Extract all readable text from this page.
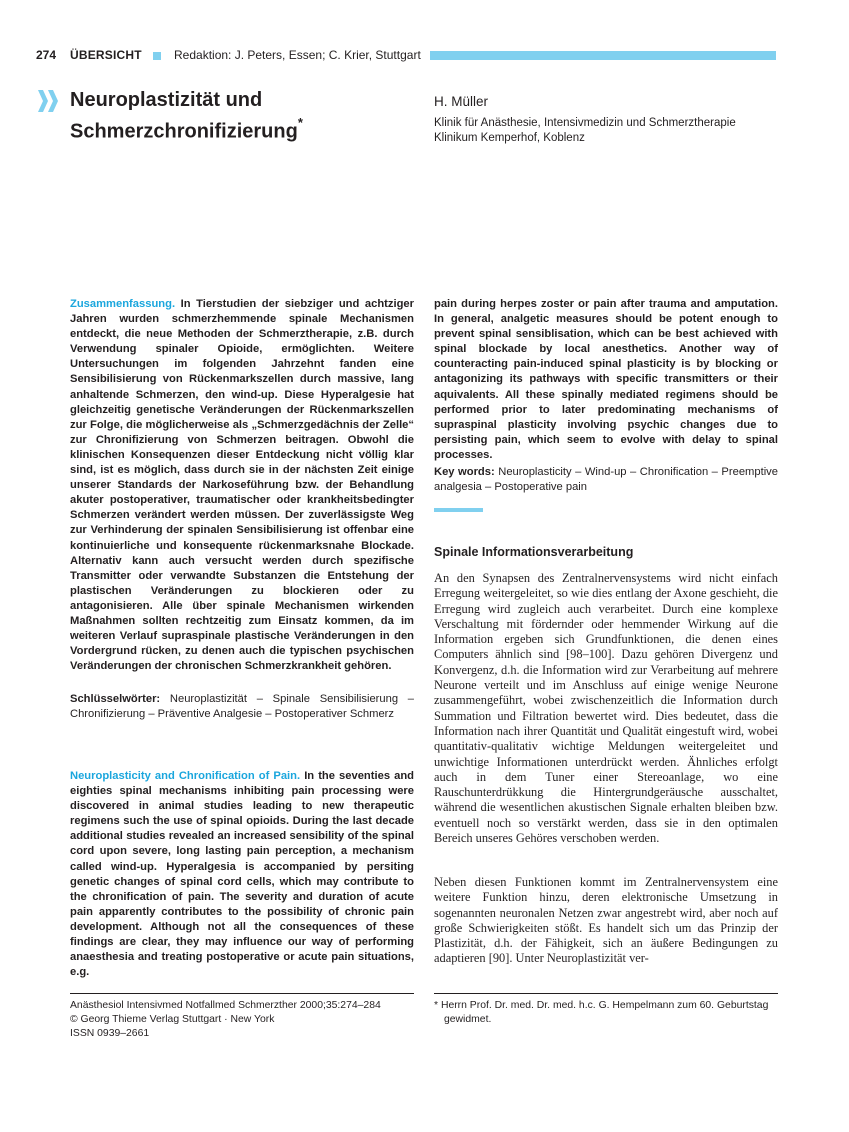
274 ÜBERSICHT	Redaktion: J. Peters, Essen; C. Krier, Stuttgart
Neuroplastizität und
Schmerzchronifizierung*
H. Müller
Klinik für Anästhesie, Intensivmedizin und Schmerztherapie
Klinikum Kemperhof, Koblenz

Zusammenfassung. In Tierstudien der siebziger und achtziger Jahren wurden schmerzhemmende spinale Mechanismen entdeckt, die neue Methoden der Schmerztherapie, z.B. durch Verwendung spinaler Opioide, ermöglichten. Weitere Untersuchungen im folgenden Jahrzehnt fanden eine Sensibilisierung von Rückenmarkszellen durch massive, lang anhaltende Schmerzen, den wind-up. Diese Hyperalgesie hat gleichzeitig genetische Veränderungen der Rückenmarkszellen zur Folge, die möglicherweise als „Schmerzgedächnis der Zelle“ zur Chronifizierung von Schmerzen beitragen. Obwohl die klinischen Konsequenzen dieser Entdeckung nicht völlig klar sind, ist es möglich, dass durch sie in der nächsten Zeit einige unserer Standards der Narkoseführung bzw. der Behandlung akuter postoperativer, traumatischer oder krankheitsbedingter Schmerzen verändert werden müssen. Der zuverlässigste Weg zur Verhinderung der spinalen Sensibilisierung ist offenbar eine kontinuierliche und konsequente rückenmarksnahe Blockade. Alternativ kann auch versucht werden durch spezifische Transmitter oder verwandte Substanzen die Entstehung der plastischen Veränderungen zu blockieren oder zu antagonisieren. Alle über spinale Mechanismen wirkenden Maßnahmen sollten rechtzeitig zum Einsatz kommen, da im weiteren Verlauf supraspinale plastische Veränderungen in den Vordergrund rücken, zu denen auch die typischen psychischen Veränderungen der chronischen Schmerzkrankheit gehören.

Schlüsselwörter: Neuroplastizität – Spinale Sensibilisierung – Chronifizierung – Präventive Analgesie – Postoperativer Schmerz

Neuroplasticity and Chronification of Pain. In the seventies and eighties spinal mechanisms inhibiting pain processing were discovered in animal studies leading to new therapeutic regimens such the use of spinal opioids. During the last decade additional studies revealed an increased sensibility of the spinal cord upon severe, long lasting pain perception, a mechanism called wind-up. Hyperalgesia is accompanied by persiting genetic changes of spinal cord cells, which may contribute to the chronification of pain. The severity and duration of acute pain apparently contributes to the possibility of chronic pain development. Although not all the consequences of these findings are clear, they may influence our way of performing anaesthesia and treating postoperative or acute pain situations, e.g.

pain during herpes zoster or pain after trauma and amputation. In general, analgetic measures should be potent enough to prevent spinal sensiblisation, which can be best achieved with spinal blockade by local anesthetics. Another way of counteracting pain-induced spinal plasticity is by blocking or antagonizing its pathways with specific transmitters or their aquivalents. All these spinally mediated regimens should be performed prior to later predominating mechanisms of supraspinal plasticity involving psychic changes due to persisting pain, which seem to evolve with delay to spinal processes.

Key words: Neuroplasticity – Wind-up – Chronification – Preemptive analgesia – Postoperative pain

Spinale Informationsverarbeitung
An den Synapsen des Zentralnervensystems wird nicht einfach Erregung weitergeleitet, so wie dies entlang der Axone geschieht, die Erregung wird zugleich auch verarbeitet. Durch eine komplexe Verschaltung mit fördernder oder hemmender Wirkung auf die Information ergeben sich Grundfunktionen, die denen eines Computers ähnlich sind [98–100]. Dazu gehören Divergenz und Konvergenz, d.h. die Information wird zur Verarbeitung auf mehrere Neurone verteilt und im Anschluss auf einige wenige Neurone zusammengeführt, wobei zwischenzeitlich die Information durch Summation und Filtration bewertet wird. Dies bedeutet, dass die Information nach ihrer Quantität und Qualität eingestuft wird, wobei quantitativ-qualitativ wichtige Meldungen weitergeleitet und unwichtige Informationen unterdrückt werden. Ähnliches erfolgt auch in dem Tuner einer Stereoanlage, wo eine Rauschunterdrükkung die Hintergrundgeräusche ausschaltet, während die wesentlichen akustischen Signale erhalten bleiben bzw. eventuell noch so verstärkt werden, dass sie in den optimalen Bereich unseres Gehöres verschoben werden.
Neben diesen Funktionen kommt im Zentralnervensystem eine weitere Funktion hinzu, deren elektronische Umsetzung in sogenannten neuronalen Netzen zwar angestrebt wird, aber noch auf große Schwierigkeiten stößt. Es handelt sich um das Prinzip der Plastizität, d.h. der Fähigkeit, sich an äußere Bedingungen zu adaptieren [90]. Unter Neuroplastizität ver-
Anästhesiol Intensivmed Notfallmed Schmerzther 2000;35:274–284
© Georg Thieme Verlag Stuttgart · New York
ISSN 0939–2661
* Herrn Prof. Dr. med. Dr. med. h.c. G. Hempelmann zum 60. Geburtstag
gewidmet.
